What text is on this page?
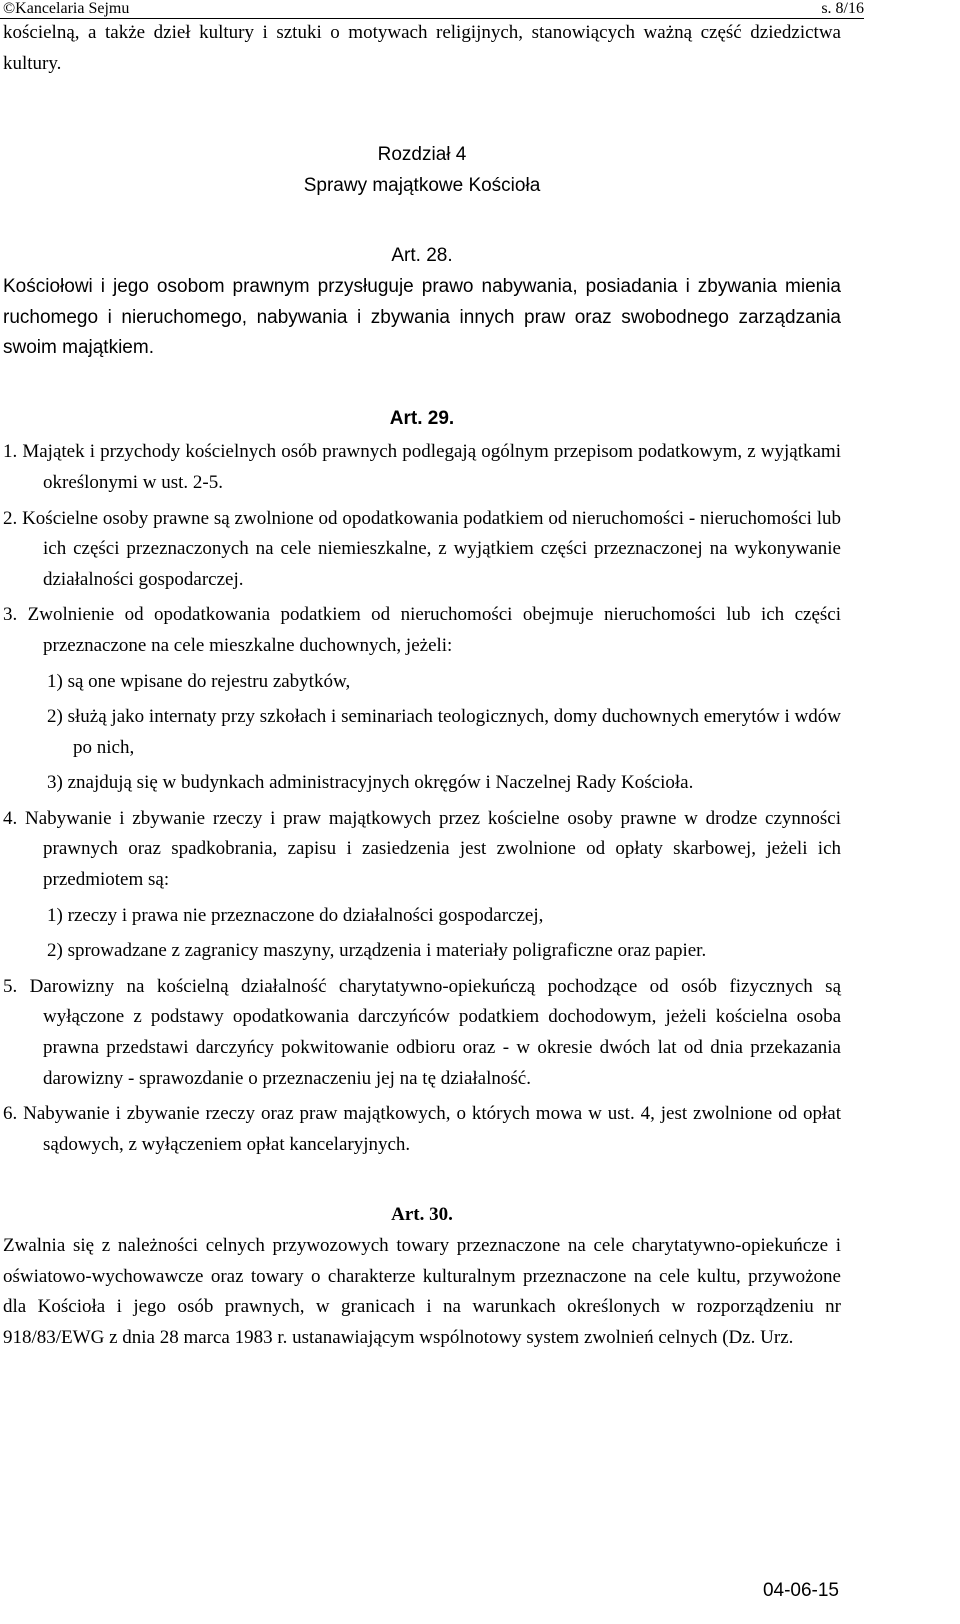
©Kancelaria Sejmu	s. 8/16

kościelną, a także dzieł kultury i sztuki o motywach religijnych, stanowiących ważną część dziedzictwa kultury.

Rozdział 4

Sprawy majątkowe Kościoła

Art. 28.

Kościołowi i jego osobom prawnym przysługuje prawo nabywania, posiadania i zbywania mienia ruchomego i nieruchomego, nabywania i zbywania innych praw oraz swobodnego zarządzania swoim majątkiem.

Art. 29.

1. Majątek i przychody kościelnych osób prawnych podlegają ogólnym przepisom podatkowym, z wyjątkami określonymi w ust. 2-5.

2. Kościelne osoby prawne są zwolnione od opodatkowania podatkiem od nieruchomości - nieruchomości lub ich części przeznaczonych na cele niemieszkalne, z wyjątkiem części przeznaczonej na wykonywanie działalności gospodarczej.

3. Zwolnienie od opodatkowania podatkiem od nieruchomości obejmuje nieruchomości lub ich części przeznaczone na cele mieszkalne duchownych, jeżeli:

1) są one wpisane do rejestru zabytków,

2) służą jako internaty przy szkołach i seminariach teologicznych, domy duchownych emerytów i wdów po nich,

3) znajdują się w budynkach administracyjnych okręgów i Naczelnej Rady Kościoła.

4. Nabywanie i zbywanie rzeczy i praw majątkowych przez kościelne osoby prawne w drodze czynności prawnych oraz spadkobrania, zapisu i zasiedzenia jest zwolnione od opłaty skarbowej, jeżeli ich przedmiotem są:

1) rzeczy i prawa nie przeznaczone do działalności gospodarczej,

2) sprowadzane z zagranicy maszyny, urządzenia i materiały poligraficzne oraz papier.

5. Darowizny na kościelną działalność charytatywno-opiekuńczą pochodzące od osób fizycznych są wyłączone z podstawy opodatkowania darczyńców podatkiem dochodowym, jeżeli kościelna osoba prawna przedstawi darczyńcy pokwitowanie odbioru oraz - w okresie dwóch lat od dnia przekazania darowizny - sprawozdanie o przeznaczeniu jej na tę działalność.

6. Nabywanie i zbywanie rzeczy oraz praw majątkowych, o których mowa w ust. 4, jest zwolnione od opłat sądowych, z wyłączeniem opłat kancelaryjnych.

Art. 30.

Zwalnia się z należności celnych przywozowych towary przeznaczone na cele charytatywno-opiekuńcze i oświatowo-wychowawcze oraz towary o charakterze kulturalnym przeznaczone na cele kultu, przywożone dla Kościoła i jego osób prawnych, w granicach i na warunkach określonych w rozporządzeniu nr 918/83/EWG z dnia 28 marca 1983 r. ustanawiającym wspólnotowy system zwolnień celnych (Dz. Urz.

04-06-15
